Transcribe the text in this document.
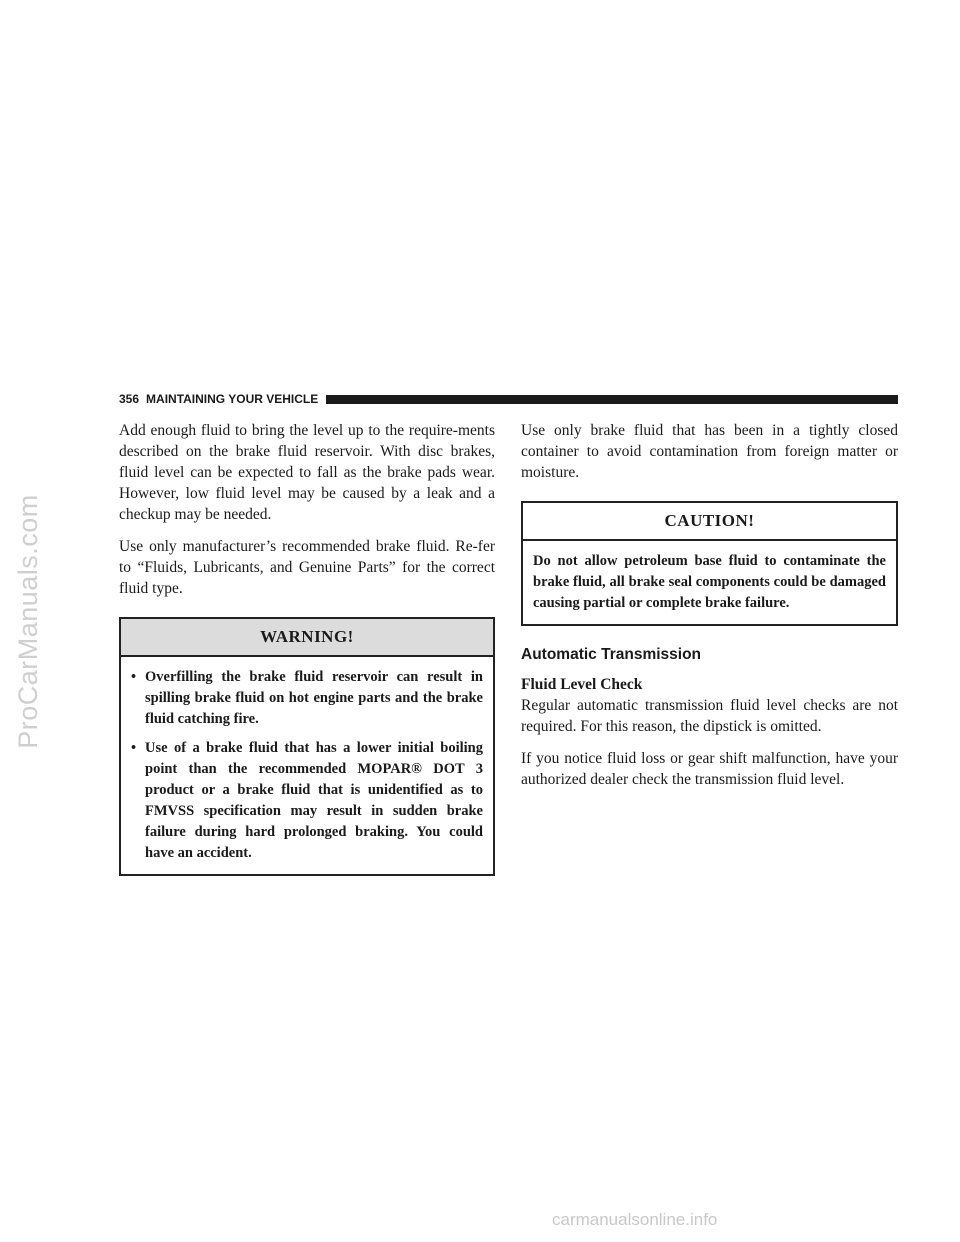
ProCarManuals.com
356 MAINTAINING YOUR VEHICLE

Add enough fluid to bring the level up to the require-ments described on the brake fluid reservoir. With disc brakes, fluid level can be expected to fall as the brake pads wear. However, low fluid level may be caused by a leak and a checkup may be needed.

Use only manufacturer’s recommended brake fluid. Re-fer to “Fluids, Lubricants, and Genuine Parts” for the correct fluid type.

WARNING!
• Overfilling the brake fluid reservoir can result in spilling brake fluid on hot engine parts and the brake fluid catching fire.
• Use of a brake fluid that has a lower initial boiling point than the recommended MOPAR® DOT 3 product or a brake fluid that is unidentified as to FMVSS specification may result in sudden brake failure during hard prolonged braking. You could have an accident.

Use only brake fluid that has been in a tightly closed container to avoid contamination from foreign matter or moisture.

CAUTION!

Do not allow petroleum base fluid to contaminate the brake fluid, all brake seal components could be damaged causing partial or complete brake failure.

Automatic Transmission
Fluid Level Check

Regular automatic transmission fluid level checks are not required. For this reason, the dipstick is omitted.

If you notice fluid loss or gear shift malfunction, have your authorized dealer check the transmission fluid level.

carmanualsonline.info
